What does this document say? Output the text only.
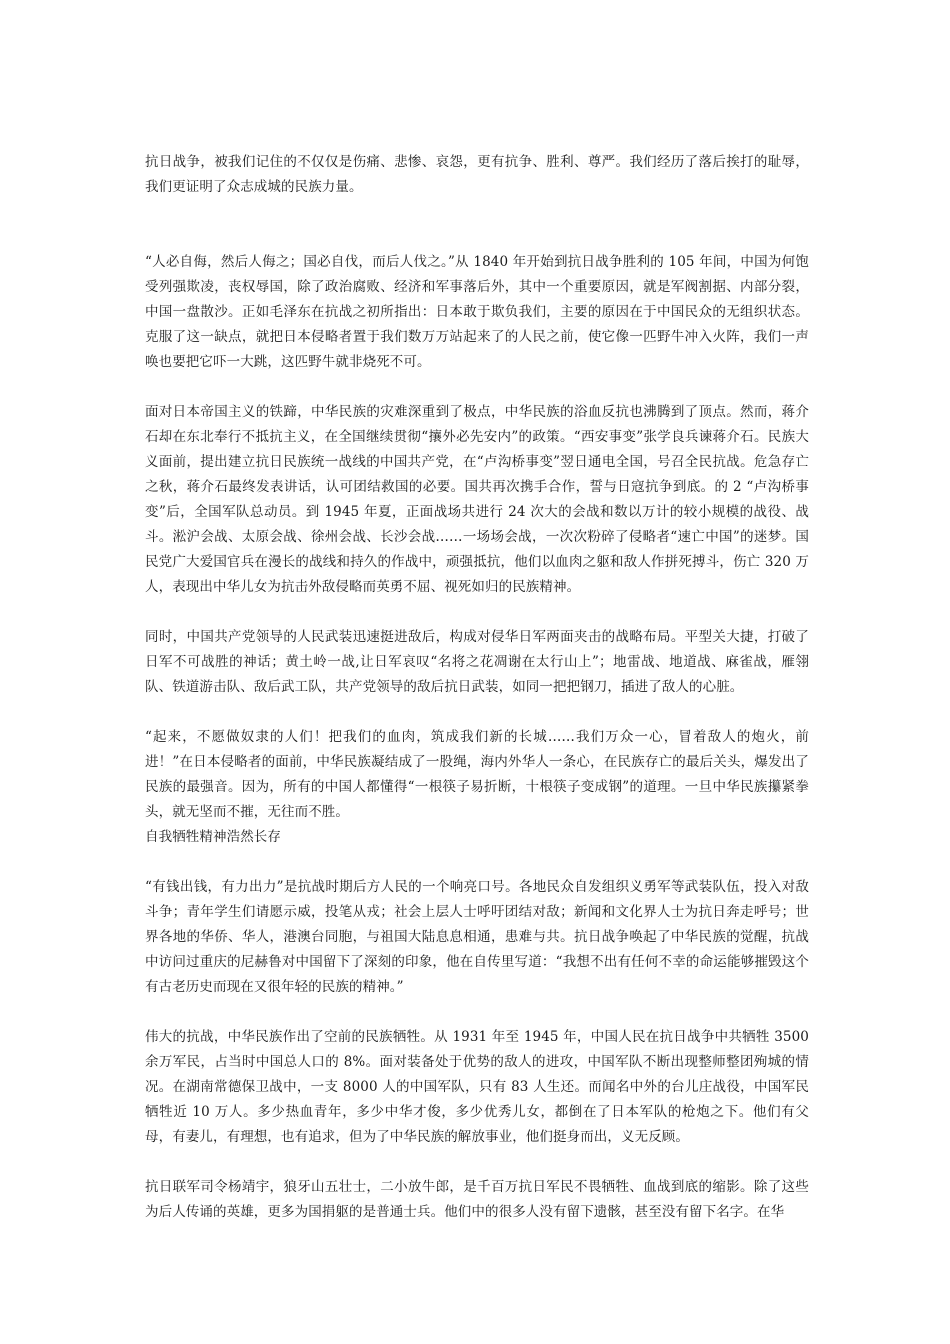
抗日战争，被我们记住的不仅仅是伤痛、悲惨、哀怨，更有抗争、胜利、尊严。我们经历了落后挨打的耻辱，我们更证明了众志成城的民族力量。

“人必自侮，然后人侮之；国必自伐，而后人伐之。”从 1840 年开始到抗日战争胜利的 105 年间，中国为何饱受列强欺凌，丧权辱国，除了政治腐败、经济和军事落后外，其中一个重要原因，就是军阀割据、内部分裂，中国一盘散沙。正如毛泽东在抗战之初所指出：日本敢于欺负我们，主要的原因在于中国民众的无组织状态。克服了这一缺点，就把日本侵略者置于我们数万万站起来了的人民之前，使它像一匹野牛冲入火阵，我们一声唤也要把它吓一大跳，这匹野牛就非烧死不可。

面对日本帝国主义的铁蹄，中华民族的灾难深重到了极点，中华民族的浴血反抗也沸腾到了顶点。然而，蒋介石却在东北奉行不抵抗主义，在全国继续贯彻“攘外必先安内”的政策。“西安事变”张学良兵谏蒋介石。民族大义面前，提出建立抗日民族统一战线的中国共产党，在“卢沟桥事变”翌日通电全国，号召全民抗战。危急存亡之秋，蒋介石最终发表讲话，认可团结救国的必要。国共再次携手合作，誓与日寇抗争到底。的 2 “卢沟桥事变”后，全国军队总动员。到 1945 年夏，正面战场共进行 24 次大的会战和数以万计的较小规模的战役、战斗。淞沪会战、太原会战、徐州会战、长沙会战……一场场会战，一次次粉碎了侵略者“速亡中国”的迷梦。国民党广大爱国官兵在漫长的战线和持久的作战中，顽强抵抗，他们以血肉之躯和敌人作拼死搏斗，伤亡 320 万人，表现出中华儿女为抗击外敌侵略而英勇不屈、视死如归的民族精神。

同时，中国共产党领导的人民武装迅速挺进敌后，构成对侵华日军两面夹击的战略布局。平型关大捷，打破了日军不可战胜的神话；黄土岭一战,让日军哀叹“名将之花凋谢在太行山上”；地雷战、地道战、麻雀战，雁翎队、铁道游击队、敌后武工队，共产党领导的敌后抗日武装，如同一把把钢刀，插进了敌人的心脏。

“起来，不愿做奴隶的人们！把我们的血肉，筑成我们新的长城……我们万众一心，冒着敌人的炮火，前进！”在日本侵略者的面前，中华民族凝结成了一股绳，海内外华人一条心，在民族存亡的最后关头，爆发出了民族的最强音。因为，所有的中国人都懂得“一根筷子易折断，十根筷子变成钢”的道理。一旦中华民族攥紧拳头，就无坚而不摧，无往而不胜。

自我牺牲精神浩然长存

“有钱出钱，有力出力”是抗战时期后方人民的一个响亮口号。各地民众自发组织义勇军等武装队伍，投入对敌斗争；青年学生们请愿示威，投笔从戎；社会上层人士呼吁团结对敌；新闻和文化界人士为抗日奔走呼号；世界各地的华侨、华人，港澳台同胞，与祖国大陆息息相通，患难与共。抗日战争唤起了中华民族的觉醒，抗战中访问过重庆的尼赫鲁对中国留下了深刻的印象，他在自传里写道：“我想不出有任何不幸的命运能够摧毁这个有古老历史而现在又很年轻的民族的精神。”

伟大的抗战，中华民族作出了空前的民族牺牲。从 1931 年至 1945 年，中国人民在抗日战争中共牺牲 3500 余万军民，占当时中国总人口的 8%。面对装备处于优势的敌人的进攻，中国军队不断出现整师整团殉城的情况。在湖南常德保卫战中，一支 8000 人的中国军队，只有 83 人生还。而闻名中外的台儿庄战役，中国军民牺牲近 10 万人。多少热血青年，多少中华才俊，多少优秀儿女，都倒在了日本军队的枪炮之下。他们有父母，有妻儿，有理想，也有追求，但为了中华民族的解放事业，他们挺身而出，义无反顾。

抗日联军司令杨靖宇，狼牙山五壮士，二小放牛郎，是千百万抗日军民不畏牺牲、血战到底的缩影。除了这些为后人传诵的英雄，更多为国捐躯的是普通士兵。他们中的很多人没有留下遗骸，甚至没有留下名字。在华
